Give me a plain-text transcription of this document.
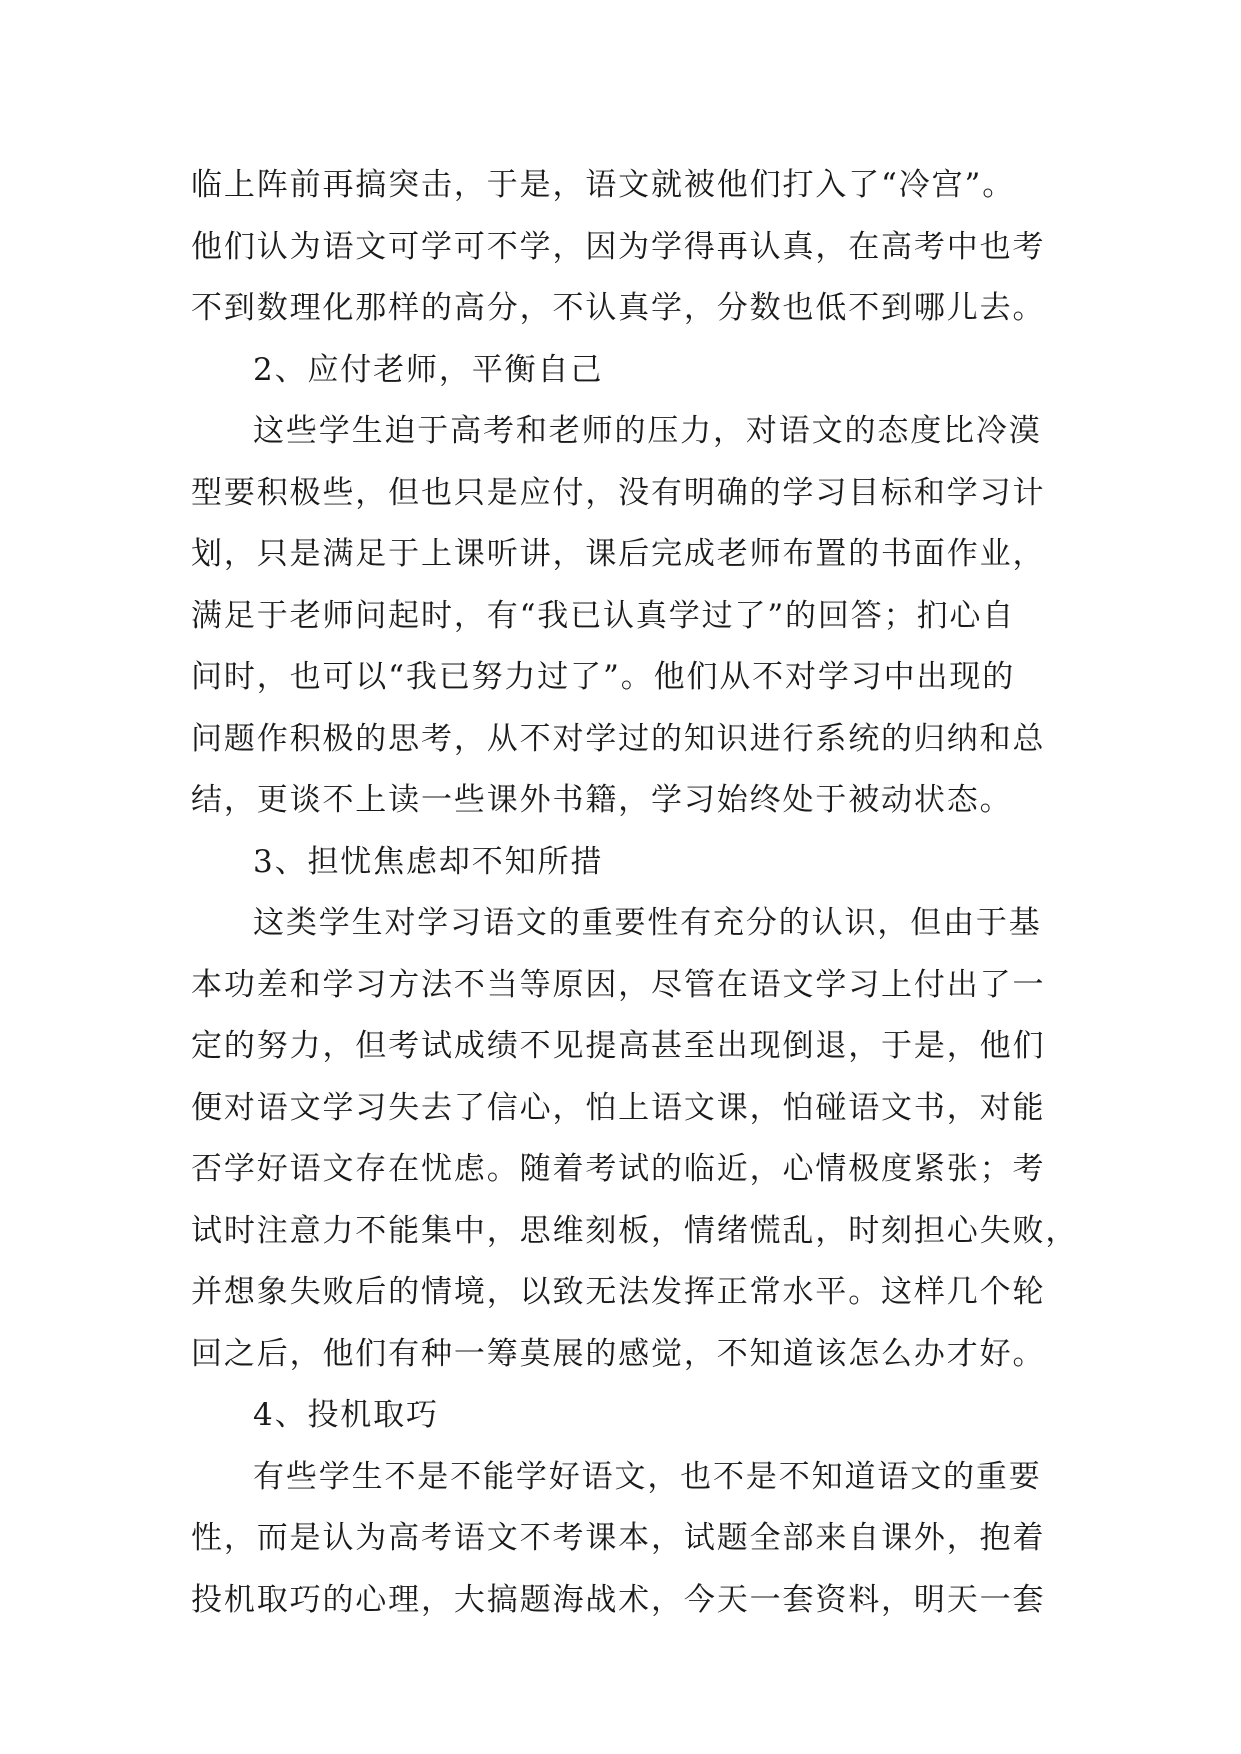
临上阵前再搞突击，于是，语文就被他们打入了“冷宫”。
他们认为语文可学可不学，因为学得再认真，在高考中也考
不到数理化那样的高分，不认真学，分数也低不到哪儿去。
2、应付老师，平衡自己
这些学生迫于高考和老师的压力，对语文的态度比冷漠
型要积极些，但也只是应付，没有明确的学习目标和学习计
划，只是满足于上课听讲，课后完成老师布置的书面作业，
满足于老师问起时，有“我已认真学过了”的回答；扪心自
问时，也可以“我已努力过了”。他们从不对学习中出现的
问题作积极的思考，从不对学过的知识进行系统的归纳和总
结，更谈不上读一些课外书籍，学习始终处于被动状态。
3、担忧焦虑却不知所措
这类学生对学习语文的重要性有充分的认识，但由于基
本功差和学习方法不当等原因，尽管在语文学习上付出了一
定的努力，但考试成绩不见提高甚至出现倒退，于是，他们
便对语文学习失去了信心，怕上语文课，怕碰语文书，对能
否学好语文存在忧虑。随着考试的临近，心情极度紧张；考
试时注意力不能集中，思维刻板，情绪慌乱，时刻担心失败，
并想象失败后的情境，以致无法发挥正常水平。这样几个轮
回之后，他们有种一筹莫展的感觉，不知道该怎么办才好。
4、投机取巧
有些学生不是不能学好语文，也不是不知道语文的重要
性，而是认为高考语文不考课本，试题全部来自课外，抱着
投机取巧的心理，大搞题海战术，今天一套资料，明天一套
